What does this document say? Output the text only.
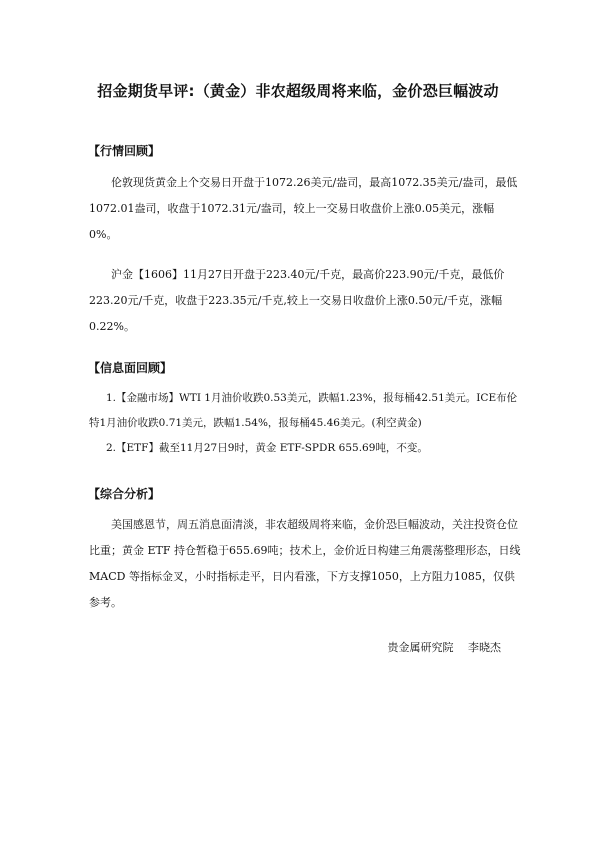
招金期货早评:（黄金）非农超级周将来临，金价恐巨幅波动
【行情回顾】

伦敦现货黄金上个交易日开盘于1072.26美元/盎司，最高1072.35美元/盎司，最低1072.01盎司，收盘于1072.31元/盎司，较上一交易日收盘价上涨0.05美元，涨幅0%。

沪金【1606】11月27日开盘于223.40元/千克，最高价223.90元/千克，最低价223.20元/千克，收盘于223.35元/千克,较上一交易日收盘价上涨0.50元/千克，涨幅0.22%。

【信息面回顾】
1.【金融市场】WTI 1月油价收跌0.53美元，跌幅1.23%，报每桶42.51美元。ICE布伦特1月油价收跌0.71美元，跌幅1.54%，报每桶45.46美元。(利空黄金)
2.【ETF】截至11月27日9时，黄金 ETF-SPDR 655.69吨，不变。
【综合分析】

美国感恩节，周五消息面清淡，非农超级周将来临，金价恐巨幅波动，关注投资仓位比重；黄金 ETF 持仓暂稳于655.69吨；技术上，金价近日构建三角震荡整理形态，日线 MACD 等指标金叉，小时指标走平，日内看涨，下方支撑1050，上方阻力1085，仅供参考。

贵金属研究院　 李晓杰
